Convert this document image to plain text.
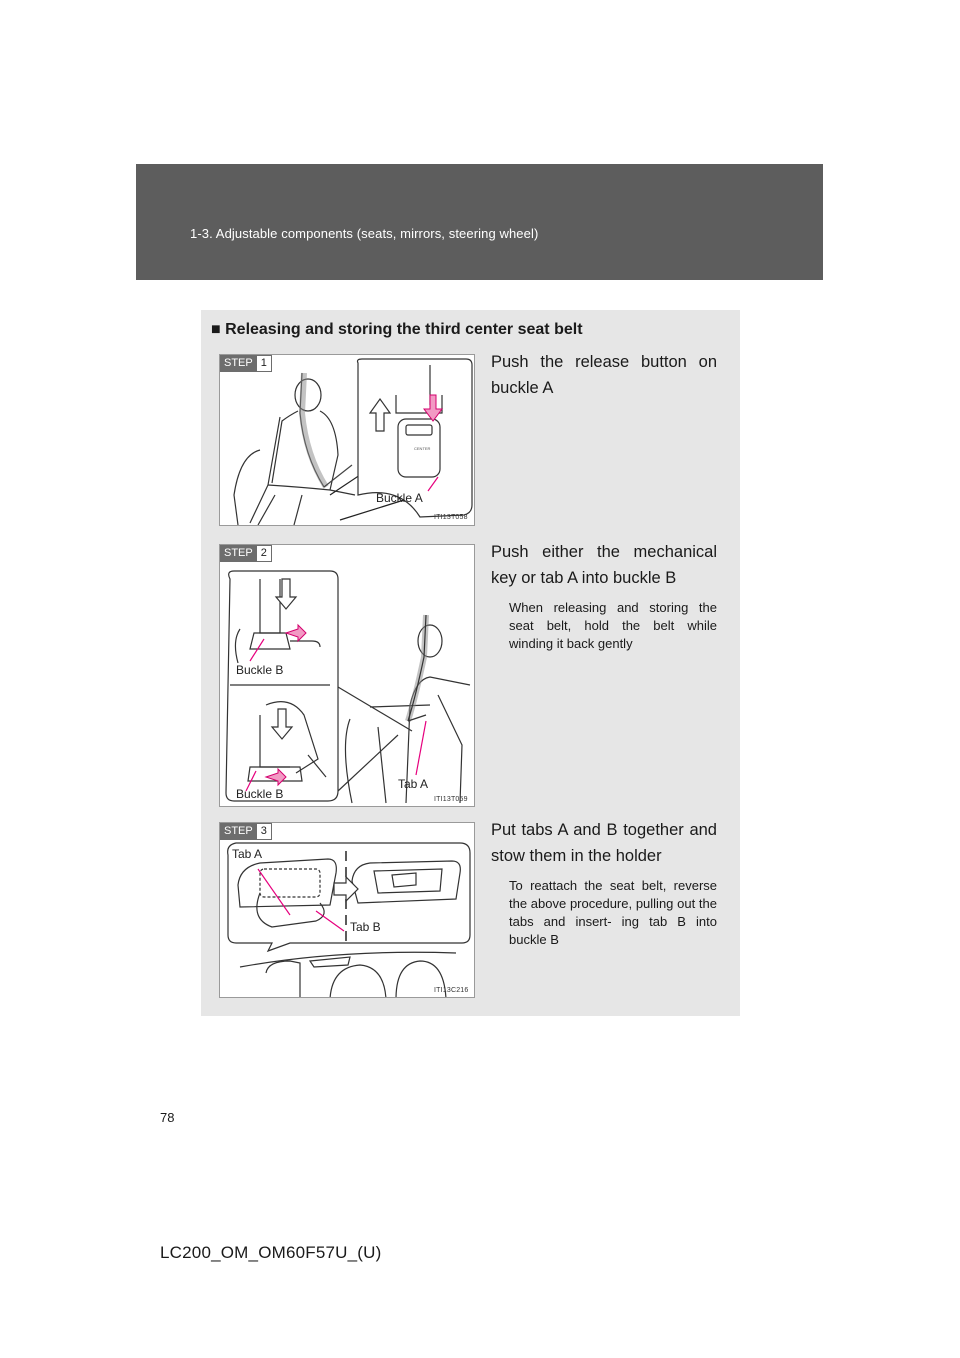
1-3. Adjustable components (seats, mirrors, steering wheel)
■ Releasing and storing the third center seat belt
STEP 1
CENTER
Buckle A
ITI13T058
Push the release button on buckle A
STEP 2
Buckle B
Buckle B
Tab A
ITI13T059
Push either the mechanical key or tab A into buckle B
When releasing and storing the seat belt, hold the belt while winding it back gently
STEP 3
Tab A
Tab B
ITI13C216
Put tabs A and B together and stow them in the holder
To reattach the seat belt, reverse the above procedure, pulling out the tabs and insert- ing tab B into buckle B
78
LC200_OM_OM60F57U_(U)
